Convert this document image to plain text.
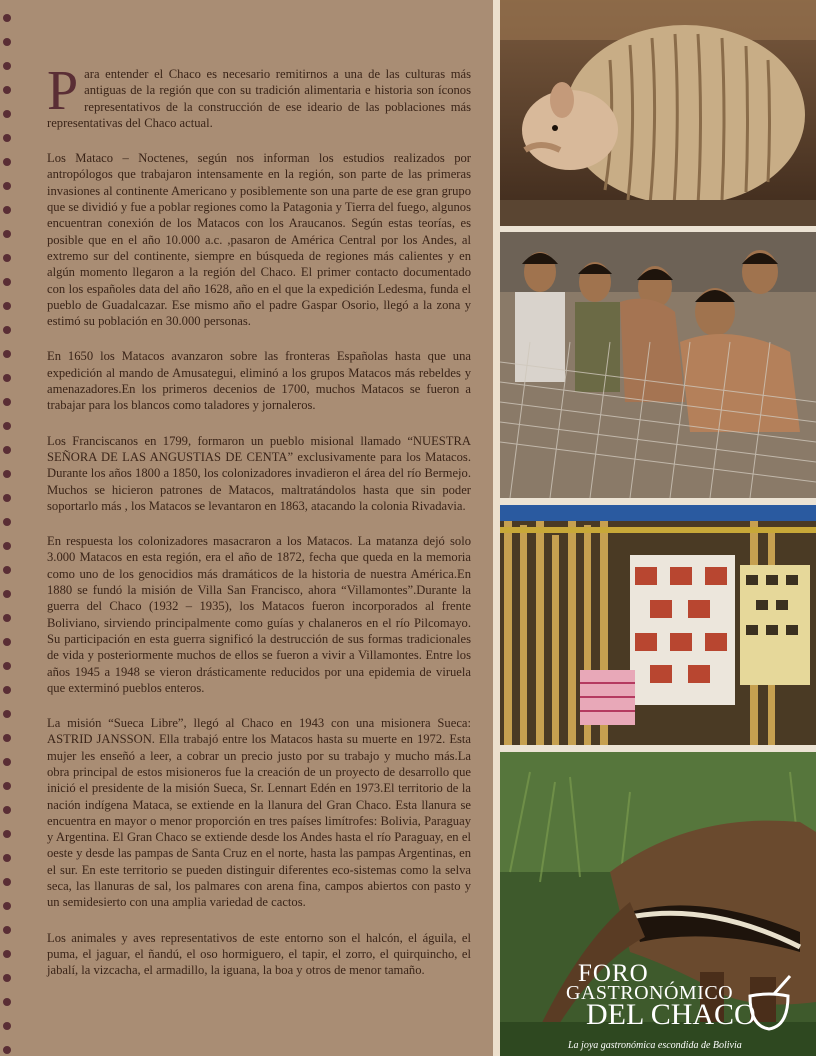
Para entender el Chaco es necesario remitirnos a una de las culturas más antiguas de la región que con su tradición alimentaria e historia son íconos representativos de la construcción de ese ideario de las poblaciones más representativas del Chaco actual.

Los Mataco – Noctenes, según nos informan los estudios realizados por antropólogos que trabajaron intensamente en la región, son parte de las primeras invasiones al continente Americano y posiblemente son una parte de ese gran grupo que se dividió y fue a poblar regiones como la Patagonia y Tierra del fuego, algunos encuentran conexión de los Matacos con los Araucanos. Según estas teorías, es posible que en el año 10.000 a.c. ,pasaron de América Central por los Andes, al extremo sur del continente, siempre en búsqueda de regiones más calientes y en algún momento llegaron a la región del Chaco. El primer contacto documentado con los españoles data del año 1628, año en el que la expedición Ledesma, funda el pueblo de Guadalcazar. Ese mismo año el padre Gaspar Osorio, llegó a la zona y estimó su población en 30.000 personas.

En 1650 los Matacos avanzaron sobre las fronteras Españolas hasta que una expedición al mando de Amusategui, eliminó a los grupos Matacos más rebeldes y amenazadores.En los primeros decenios de 1700, muchos Matacos se fueron a trabajar para los blancos como taladores y jornaleros.

Los Franciscanos en 1799, formaron un pueblo misional llamado “NUESTRA SEÑORA DE LAS ANGUSTIAS DE CENTA” exclusivamente para los Matacos. Durante los años 1800 a 1850, los colonizadores invadieron el área del río Bermejo. Muchos se hicieron patrones de Matacos, maltratándolos hasta que sin poder soportarlo más , los Matacos se levantaron en 1863, atacando la colonia Rivadavia.

En respuesta los colonizadores masacraron a los Matacos. La matanza dejó solo 3.000 Matacos en esta región, era el año de 1872, fecha que queda en la memoria como uno de los genocidios más dramáticos de la historia de nuestra América.En 1880 se fundó la misión de Villa San Francisco, ahora “Villamontes”.Durante la guerra del Chaco (1932 – 1935), los Matacos fueron incorporados al frente Boliviano, sirviendo principalmente como guías y chalaneros en el río Pilcomayo. Su participación en esta guerra significó la destrucción de sus formas tradicionales de vida y posteriormente muchos de ellos se fueron a vivir a Villamontes. Entre los años 1945 a 1948 se vieron drásticamente reducidos por una epidemia de viruela que exterminó pueblos enteros.

La misión “Sueca Libre”, llegó al Chaco en 1943 con una misionera Sueca: ASTRID JANSSON. Ella trabajó entre los Matacos hasta su muerte en 1972. Esta mujer les enseñó a leer, a cobrar un precio justo por su trabajo y mucho más.La obra principal de estos misioneros fue la creación de un proyecto de desarrollo que inició el presidente de la misión Sueca, Sr. Lennart Edén en 1973.El territorio de la nación indígena Mataca, se extiende en la llanura del Gran Chaco. Esta llanura se encuentra en mayor o menor proporción en tres países limítrofes: Bolivia, Paraguay y Argentina. El Gran Chaco se extiende desde los Andes hasta el río Paraguay, en el oeste y desde las pampas de Santa Cruz en el norte, hasta las pampas Argentinas, en el sur. En este territorio se pueden distinguir diferentes eco-sistemas como la selva seca, las llanuras de sal, los palmares con arena fina, campos abiertos con pasto y un semidesierto con una amplia variedad de cactos.

Los animales y aves representativos de este entorno son el halcón, el águila, el puma, el jaguar, el ñandú, el oso hormiguero, el tapir, el zorro, el quirquincho, el jabalí, la vizcacha, el armadillo, la iguana, la boa y otros de menor tamaño.	FORO
GASTRONÓMICO
DEL CHACO
La joya gastronómica escondida de Bolivia
